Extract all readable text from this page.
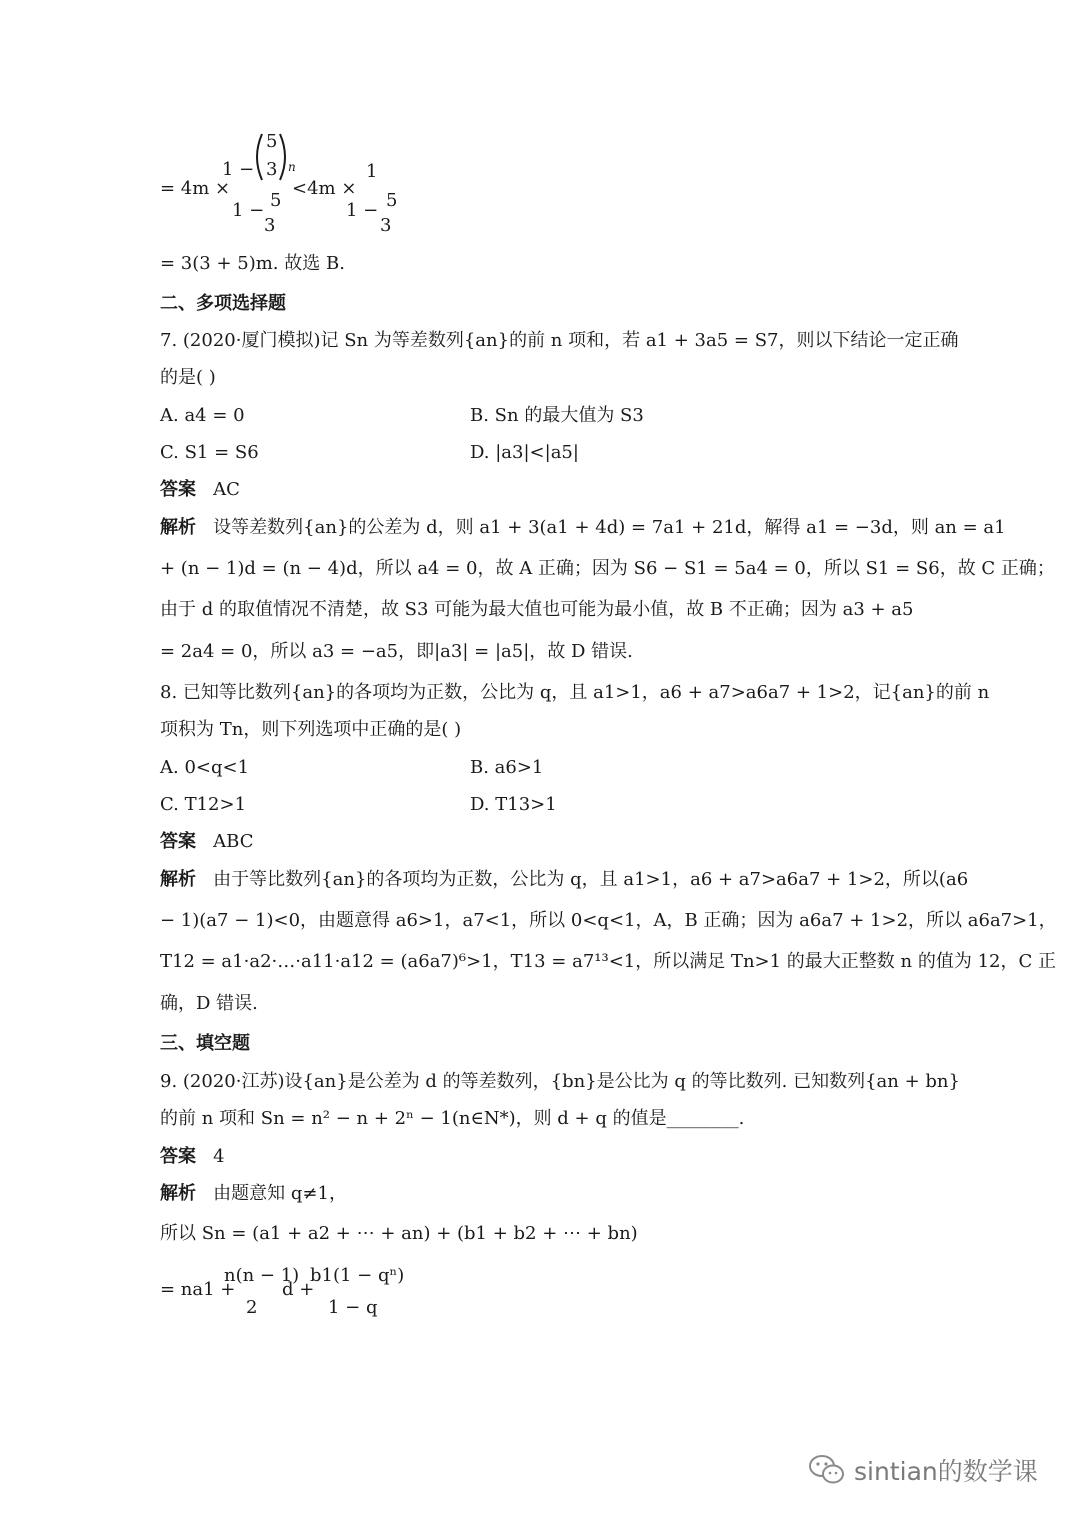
= 4m ×
1 −
5
3 n
1 − 5
3
<4m ×
1
1 − 5
3
= 3(3 + 5)m. 故选 B.
二、多项选择题
7. (2020·厦门模拟)记 Sn 为等差数列{an}的前 n 项和，若 a1 + 3a5 = S7，则以下结论一定正确
的是( )
A. a4 = 0	B. Sn 的最大值为 S3
C. S1 = S6	D. |a3|<|a5|
答案 AC
解析 设等差数列{an}的公差为 d，则 a1 + 3(a1 + 4d) = 7a1 + 21d，解得 a1 = −3d，则 an = a1
+ (n − 1)d = (n − 4)d，所以 a4 = 0，故 A 正确；因为 S6 − S1 = 5a4 = 0，所以 S1 = S6，故 C 正确；
由于 d 的取值情况不清楚，故 S3 可能为最大值也可能为最小值，故 B 不正确；因为 a3 + a5
= 2a4 = 0，所以 a3 = −a5，即|a3| = |a5|，故 D 错误.
8. 已知等比数列{an}的各项均为正数，公比为 q，且 a1>1，a6 + a7>a6a7 + 1>2，记{an}的前 n
项积为 Tn，则下列选项中正确的是( )
A. 0<q<1	B. a6>1
C. T12>1	D. T13>1
答案 ABC
解析 由于等比数列{an}的各项均为正数，公比为 q，且 a1>1，a6 + a7>a6a7 + 1>2，所以(a6
− 1)(a7 − 1)<0，由题意得 a6>1，a7<1，所以 0<q<1，A，B 正确；因为 a6a7 + 1>2，所以 a6a7>1，
T12 = a1·a2·…·a11·a12 = (a6a7)⁶>1，T13 = a7¹³<1，所以满足 Tn>1 的最大正整数 n 的值为 12，C 正
确，D 错误.
三、填空题
9. (2020·江苏)设{an}是公差为 d 的等差数列，{bn}是公比为 q 的等比数列. 已知数列{an + bn}
的前 n 项和 Sn = n² − n + 2ⁿ − 1(n∈N*)，则 d + q 的值是________.
答案 4
解析 由题意知 q≠1，
所以 Sn = (a1 + a2 + ⋯ + an) + (b1 + b2 + ⋯ + bn)
= na1 +
n(n − 1)
2
d +
b1(1 − qⁿ)
1 − q
sintian的数学课
